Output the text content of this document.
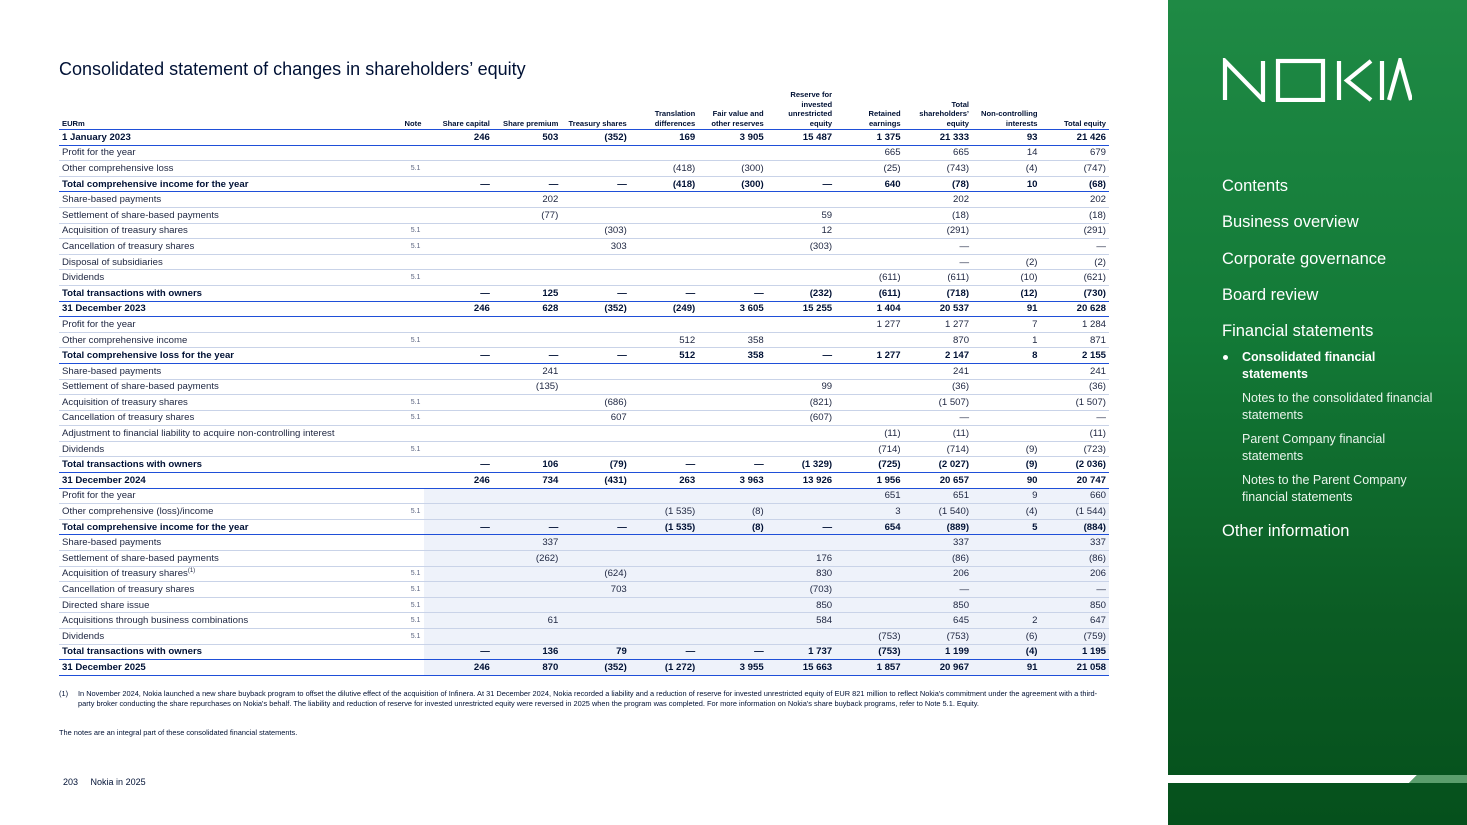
Consolidated statement of changes in shareholders’ equity
EURm	Note	Share capital	Share premium	Treasury shares	Translation differences	Fair value and other reserves	Reserve for invested unrestricted equity	Retained earnings	Total shareholders’ equity	Non-controlling interests	Total equity
1 January 2023		246	503	(352)	169	3 905	15 487	1 375	21 333	93	21 426
Profit for the year								665	665	14	679
Other comprehensive loss	5.1				(418)	(300)		(25)	(743)	(4)	(747)
Total comprehensive income for the year		—	—	—	(418)	(300)	—	640	(78)	10	(68)
Share-based payments			202						202		202
Settlement of share-based payments			(77)				59		(18)		(18)
Acquisition of treasury shares	5.1			(303)			12		(291)		(291)
Cancellation of treasury shares	5.1			303			(303)		—		—
Disposal of subsidiaries									—	(2)	(2)
Dividends	5.1							(611)	(611)	(10)	(621)
Total transactions with owners		—	125	—	—	—	(232)	(611)	(718)	(12)	(730)
31 December 2023		246	628	(352)	(249)	3 605	15 255	1 404	20 537	91	20 628
Profit for the year								1 277	1 277	7	1 284
Other comprehensive income	5.1				512	358			870	1	871
Total comprehensive loss for the year		—	—	—	512	358	—	1 277	2 147	8	2 155
Share-based payments			241						241		241
Settlement of share-based payments			(135)				99		(36)		(36)
Acquisition of treasury shares	5.1			(686)			(821)		(1 507)		(1 507)
Cancellation of treasury shares	5.1			607			(607)		—		—
Adjustment to financial liability to acquire non-controlling interest								(11)	(11)		(11)
Dividends	5.1							(714)	(714)	(9)	(723)
Total transactions with owners		—	106	(79)	—	—	(1 329)	(725)	(2 027)	(9)	(2 036)
31 December 2024		246	734	(431)	263	3 963	13 926	1 956	20 657	90	20 747
Profit for the year								651	651	9	660
Other comprehensive (loss)/income	5.1				(1 535)	(8)		3	(1 540)	(4)	(1 544)
Total comprehensive income for the year		—	—	—	(1 535)	(8)	—	654	(889)	5	(884)
Share-based payments			337						337		337
Settlement of share-based payments			(262)				176		(86)		(86)
Acquisition of treasury shares$^{(1)}$	5.1			(624)			830		206		206
Cancellation of treasury shares	5.1			703			(703)		—		—
Directed share issue	5.1						850		850		850
Acquisitions through business combinations	5.1		61				584		645	2	647
Dividends	5.1							(753)	(753)	(6)	(759)
Total transactions with owners		—	136	79	—	—	1 737	(753)	1 199	(4)	1 195
31 December 2025		246	870	(352)	(1 272)	3 955	15 663	1 857	20 967	91	21 058
(1)	In November 2024, Nokia launched a new share buyback program to offset the dilutive effect of the acquisition of Infinera. At 31 December 2024, Nokia recorded a liability and a reduction of reserve for invested unrestricted equity of EUR 821 million to reflect Nokia's commitment under the agreement with a third-party broker conducting the share repurchases on Nokia's behalf. The liability and reduction of reserve for invested unrestricted equity were reversed in 2025 when the program was completed. For more information on Nokia's share buyback programs, refer to Note 5.1. Equity.
The notes are an integral part of these consolidated financial statements.
203 Nokia in 2025
Contents
Business overview
Corporate governance
Board review
Financial statements
Consolidated financial statements
Notes to the consolidated financial statements
Parent Company financial statements
Notes to the Parent Company financial statements
Other information
